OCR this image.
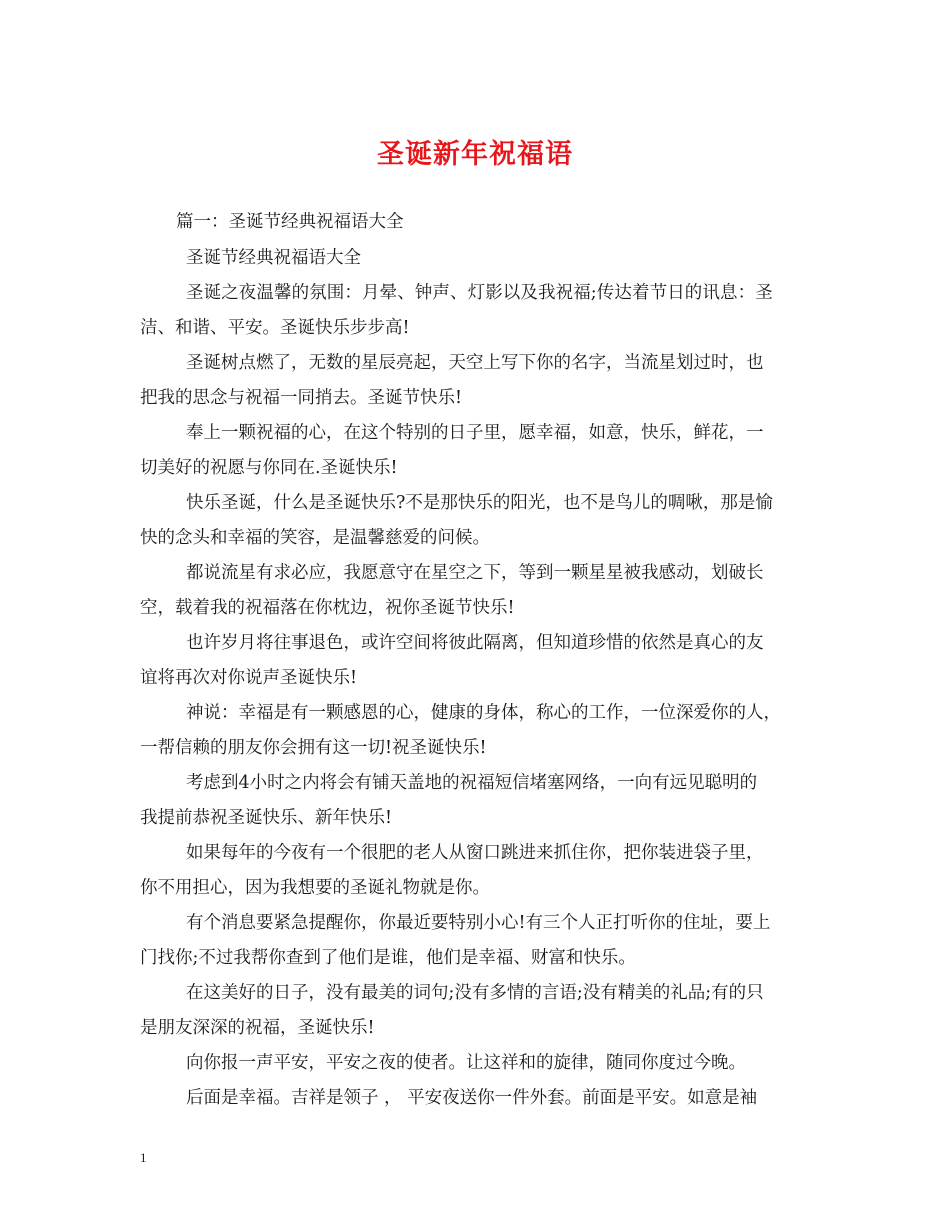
圣诞新年祝福语
篇一：圣诞节经典祝福语大全
圣诞节经典祝福语大全
圣诞之夜温馨的氛围：月晕、钟声、灯影以及我祝福;传达着节日的讯息：圣
洁、和谐、平安。圣诞快乐步步高!
圣诞树点燃了，无数的星辰亮起，天空上写下你的名字，当流星划过时，也
把我的思念与祝福一同捎去。圣诞节快乐!
奉上一颗祝福的心，在这个特别的日子里，愿幸福，如意，快乐，鲜花，一
切美好的祝愿与你同在.圣诞快乐!
快乐圣诞，什么是圣诞快乐?不是那快乐的阳光，也不是鸟儿的啁啾，那是愉
快的念头和幸福的笑容，是温馨慈爱的问候。
都说流星有求必应，我愿意守在星空之下，等到一颗星星被我感动，划破长
空，载着我的祝福落在你枕边，祝你圣诞节快乐!
也许岁月将往事退色，或许空间将彼此隔离，但知道珍惜的依然是真心的友
谊将再次对你说声圣诞快乐!
神说：幸福是有一颗感恩的心，健康的身体，称心的工作，一位深爱你的人，
一帮信赖的朋友你会拥有这一切!祝圣诞快乐!
考虑到4小时之内将会有铺天盖地的祝福短信堵塞网络，一向有远见聪明的
我提前恭祝圣诞快乐、新年快乐!
如果每年的今夜有一个很肥的老人从窗口跳进来抓住你，把你装进袋子里，
你不用担心，因为我想要的圣诞礼物就是你。
有个消息要紧急提醒你，你最近要特别小心!有三个人正打听你的住址，要上
门找你;不过我帮你查到了他们是谁，他们是幸福、财富和快乐。
在这美好的日子，没有最美的词句;没有多情的言语;没有精美的礼品;有的只
是朋友深深的祝福，圣诞快乐!
向你报一声平安，平安之夜的使者。让这祥和的旋律，随同你度过今晚。
后面是幸福。吉祥是领子 ， 平安夜送你一件外套。前面是平安。如意是袖
1
